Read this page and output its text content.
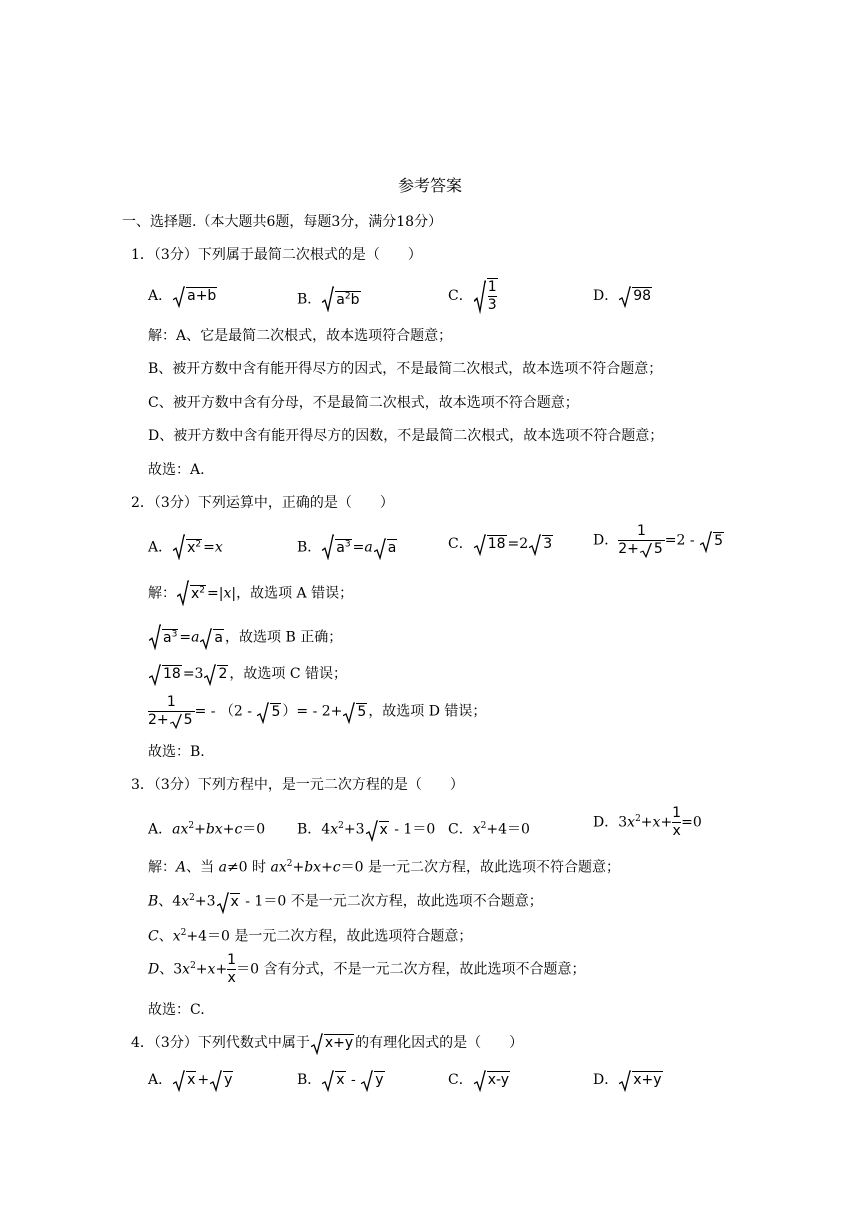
参考答案
一、选择题.（本大题共6题，每题3分，满分18分）
1．（3分）下列属于最简二次根式的是（　　）
A． a+b	B． $a^2b$	C． $\frac{1}{3}$	D． 98
解：A、它是最简二次根式，故本选项符合题意；
B、被开方数中含有能开得尽方的因式，不是最简二次根式，故本选项不符合题意；
C、被开方数中含有分母，不是最简二次根式，故本选项不符合题意；
D、被开方数中含有能开得尽方的因数，不是最简二次根式，故本选项不符合题意；
故选：A.
2．（3分）下列运算中，正确的是（　　）
A． $x^2 =x$	B． $a^3 =a$ a	C． 18 =2 3	D． $\frac{1}{2+ 5} =2 - 5$
解： $x^2 =|x|$，故选项 A 错误；
$a^3 =a$ a ，故选项 B 正确；
18 =3 2 ，故选项 C 错误；
$\frac{1}{2+ 5}$ = - （2 - 5 ）= - 2+ 5 ，故选项 D 错误；
故选：B.
3．（3分）下列方程中，是一元二次方程的是（　　）
A．$ax^2+bx+c=0$ B．$4x^2+3$ x - 1＝0 C．$x^2+4=0$	D．$3x^2+x+ \frac{1}{x} =0$
解：A、当 a≠0 时 $ax^2+bx+c=0$ 是一元二次方程，故此选项不符合题意；
B、$4x^2+3$ x - 1＝0 不是一元二次方程，故此选项不合题意；
C、$x^2+4=0$ 是一元二次方程，故此选项符合题意；
D、$3x^2+x+ \frac{1}{x} =0$ 含有分式，不是一元二次方程，故此选项不合题意；
故选：C.
4．（3分）下列代数式中属于 x+y 的有理化因式的是（　　）
A． x + y	B． x - y	C． x-y	D． x+y
